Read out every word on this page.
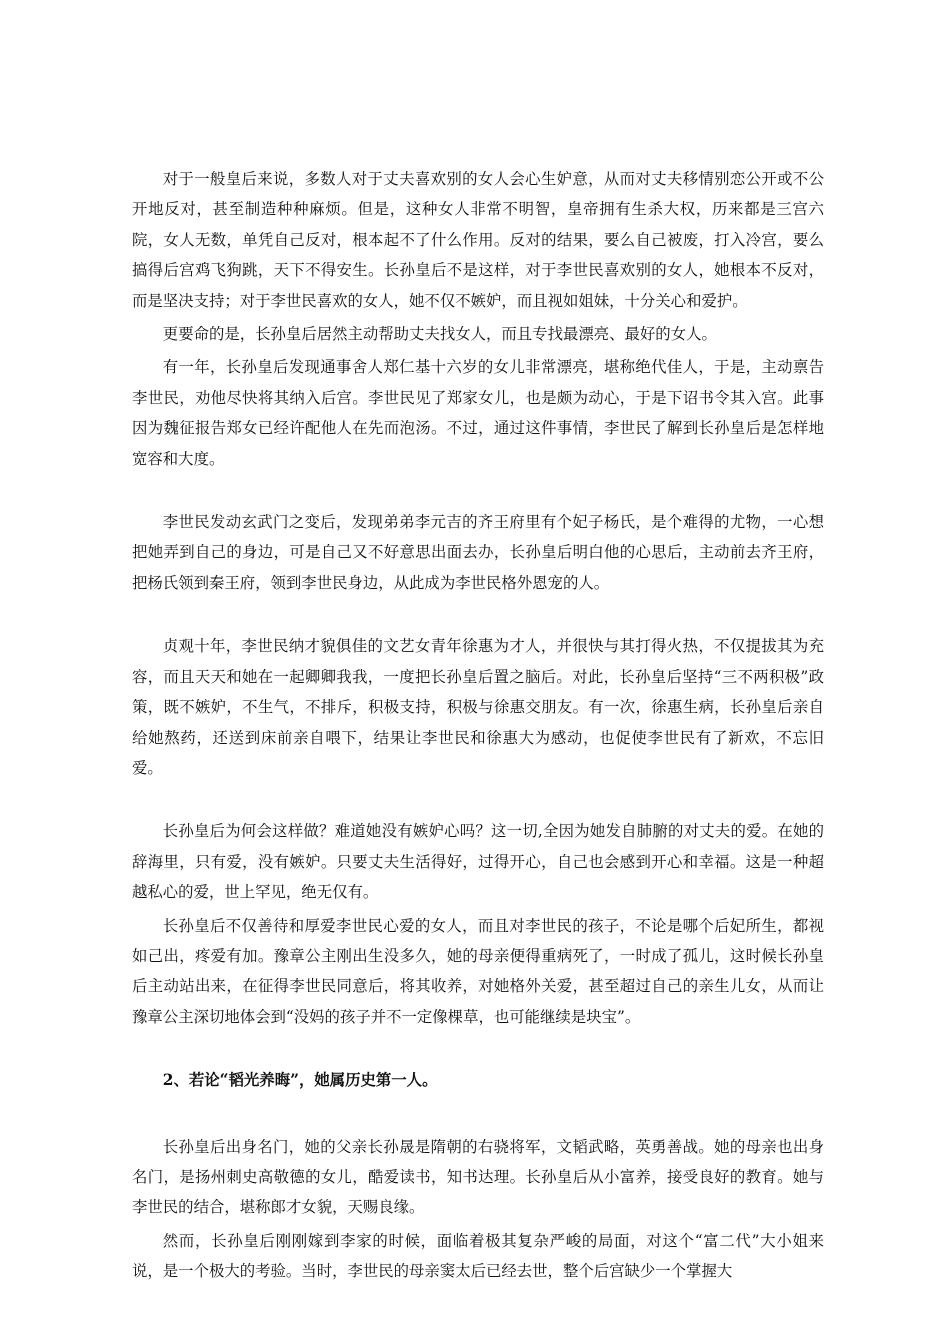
对于一般皇后来说，多数人对于丈夫喜欢别的女人会心生妒意，从而对丈夫移情别恋公开或不公开地反对，甚至制造种种麻烦。但是，这种女人非常不明智，皇帝拥有生杀大权，历来都是三宫六院，女人无数，单凭自己反对，根本起不了什么作用。反对的结果，要么自己被废，打入冷宫，要么搞得后宫鸡飞狗跳，天下不得安生。长孙皇后不是这样，对于李世民喜欢别的女人，她根本不反对，而是坚决支持；对于李世民喜欢的女人，她不仅不嫉妒，而且视如姐妹，十分关心和爱护。

更要命的是，长孙皇后居然主动帮助丈夫找女人，而且专找最漂亮、最好的女人。

有一年，长孙皇后发现通事舍人郑仁基十六岁的女儿非常漂亮，堪称绝代佳人，于是，主动禀告李世民，劝他尽快将其纳入后宫。李世民见了郑家女儿，也是颇为动心，于是下诏书令其入宫。此事因为魏征报告郑女已经许配他人在先而泡汤。不过，通过这件事情，李世民了解到长孙皇后是怎样地宽容和大度。

李世民发动玄武门之变后，发现弟弟李元吉的齐王府里有个妃子杨氏，是个难得的尤物，一心想把她弄到自己的身边，可是自己又不好意思出面去办，长孙皇后明白他的心思后，主动前去齐王府，把杨氏领到秦王府，领到李世民身边，从此成为李世民格外恩宠的人。

贞观十年，李世民纳才貌俱佳的文艺女青年徐惠为才人，并很快与其打得火热，不仅提拔其为充容，而且天天和她在一起卿卿我我，一度把长孙皇后置之脑后。对此，长孙皇后坚持“三不两积极”政策，既不嫉妒，不生气，不排斥，积极支持，积极与徐惠交朋友。有一次，徐惠生病，长孙皇后亲自给她熬药，还送到床前亲自喂下，结果让李世民和徐惠大为感动，也促使李世民有了新欢，不忘旧爱。

长孙皇后为何会这样做？难道她没有嫉妒心吗？这一切,全因为她发自肺腑的对丈夫的爱。在她的辞海里，只有爱，没有嫉妒。只要丈夫生活得好，过得开心，自己也会感到开心和幸福。这是一种超越私心的爱，世上罕见，绝无仅有。

长孙皇后不仅善待和厚爱李世民心爱的女人，而且对李世民的孩子，不论是哪个后妃所生，都视如己出，疼爱有加。豫章公主刚出生没多久，她的母亲便得重病死了，一时成了孤儿，这时候长孙皇后主动站出来，在征得李世民同意后，将其收养，对她格外关爱，甚至超过自己的亲生儿女，从而让豫章公主深切地体会到“没妈的孩子并不一定像棵草，也可能继续是块宝”。

2、若论“韬光养晦”，她属历史第一人。

长孙皇后出身名门，她的父亲长孙晟是隋朝的右骁将军，文韬武略，英勇善战。她的母亲也出身名门，是扬州刺史高敬德的女儿，酷爱读书，知书达理。长孙皇后从小富养，接受良好的教育。她与李世民的结合，堪称郎才女貌，天赐良缘。

然而，长孙皇后刚刚嫁到李家的时候，面临着极其复杂严峻的局面，对这个“富二代”大小姐来说，是一个极大的考验。当时，李世民的母亲窦太后已经去世，整个后宫缺少一个掌握大
